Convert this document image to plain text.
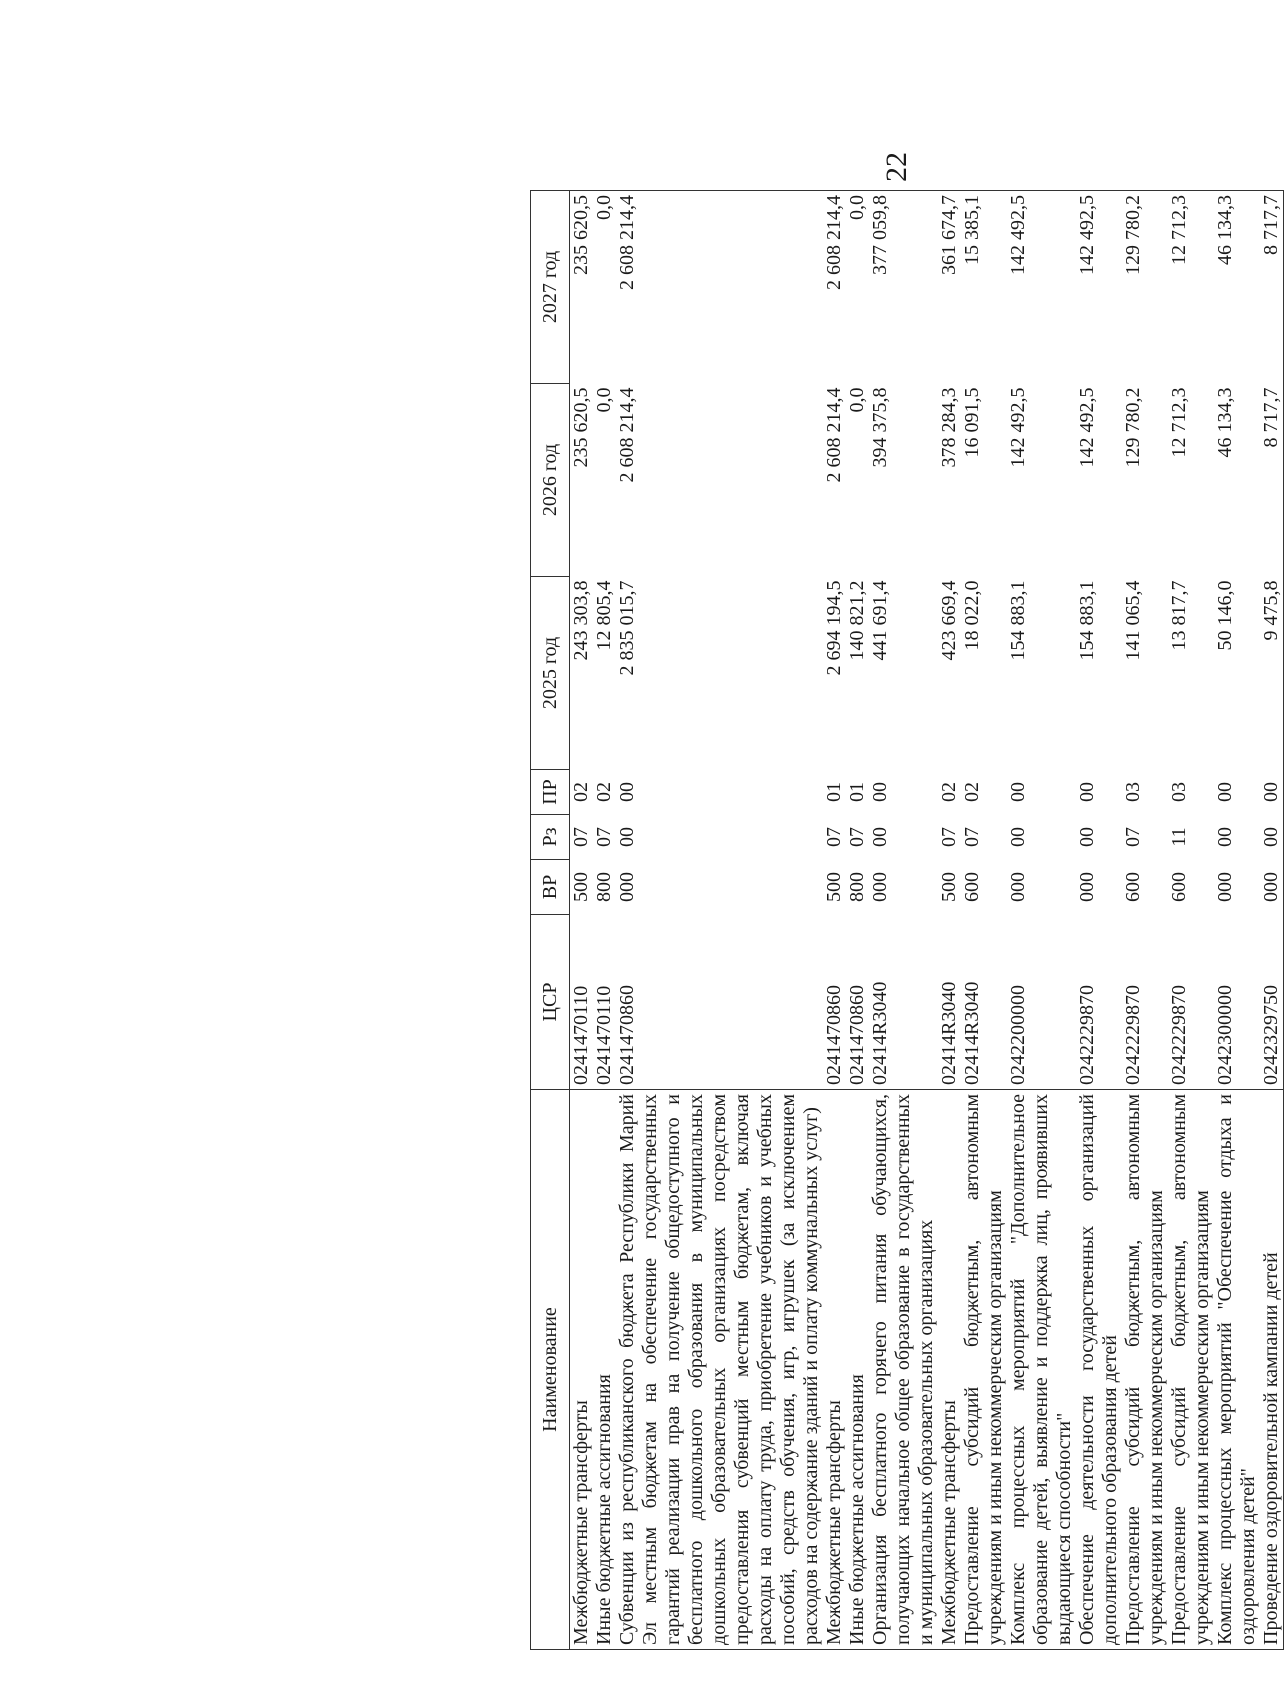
22
Наименование	ЦСР	ВР	Рз	ПР	2025 год	2026 год	2027 год
Межбюджетные трансферты	0241470110	500	07	02	243 303,8	235 620,5	235 620,5
Иные бюджетные ассигнования	0241470110	800	07	02	12 805,4	0,0	0,0
Субвенции из республиканского бюджета Республики Марий Эл местным бюджетам на обеспечение государственных гарантий реализации прав на получение общедоступного и бесплатного дошкольного образования в муниципальных дошкольных образовательных организациях посредством предоставления субвенций местным бюджетам, включая расходы на оплату труда, приобретение учебников и учебных пособий, средств обучения, игр, игрушек (за исключением расходов на содержание зданий и оплату коммунальных услуг)	0241470860	000	00	00	2 835 015,7	2 608 214,4	2 608 214,4
Межбюджетные трансферты	0241470860	500	07	01	2 694 194,5	2 608 214,4	2 608 214,4
Иные бюджетные ассигнования	0241470860	800	07	01	140 821,2	0,0	0,0
Организация бесплатного горячего питания обучающихся, получающих начальное общее образование в государственных и муниципальных образовательных организациях	02414R3040	000	00	00	441 691,4	394 375,8	377 059,8
Межбюджетные трансферты	02414R3040	500	07	02	423 669,4	378 284,3	361 674,7
Предоставление субсидий бюджетным, автономным учреждениям и иным некоммерческим организациям	02414R3040	600	07	02	18 022,0	16 091,5	15 385,1
Комплекс процессных мероприятий "Дополнительное образование детей, выявление и поддержка лиц, проявивших выдающиеся способности"	0242200000	000	00	00	154 883,1	142 492,5	142 492,5
Обеспечение деятельности государственных организаций дополнительного образования детей	0242229870	000	00	00	154 883,1	142 492,5	142 492,5
Предоставление субсидий бюджетным, автономным учреждениям и иным некоммерческим организациям	0242229870	600	07	03	141 065,4	129 780,2	129 780,2
Предоставление субсидий бюджетным, автономным учреждениям и иным некоммерческим организациям	0242229870	600	11	03	13 817,7	12 712,3	12 712,3
Комплекс процессных мероприятий "Обеспечение отдыха и оздоровления детей"	0242300000	000	00	00	50 146,0	46 134,3	46 134,3
Проведение оздоровительной кампании детей	0242329750	000	00	00	9 475,8	8 717,7	8 717,7
